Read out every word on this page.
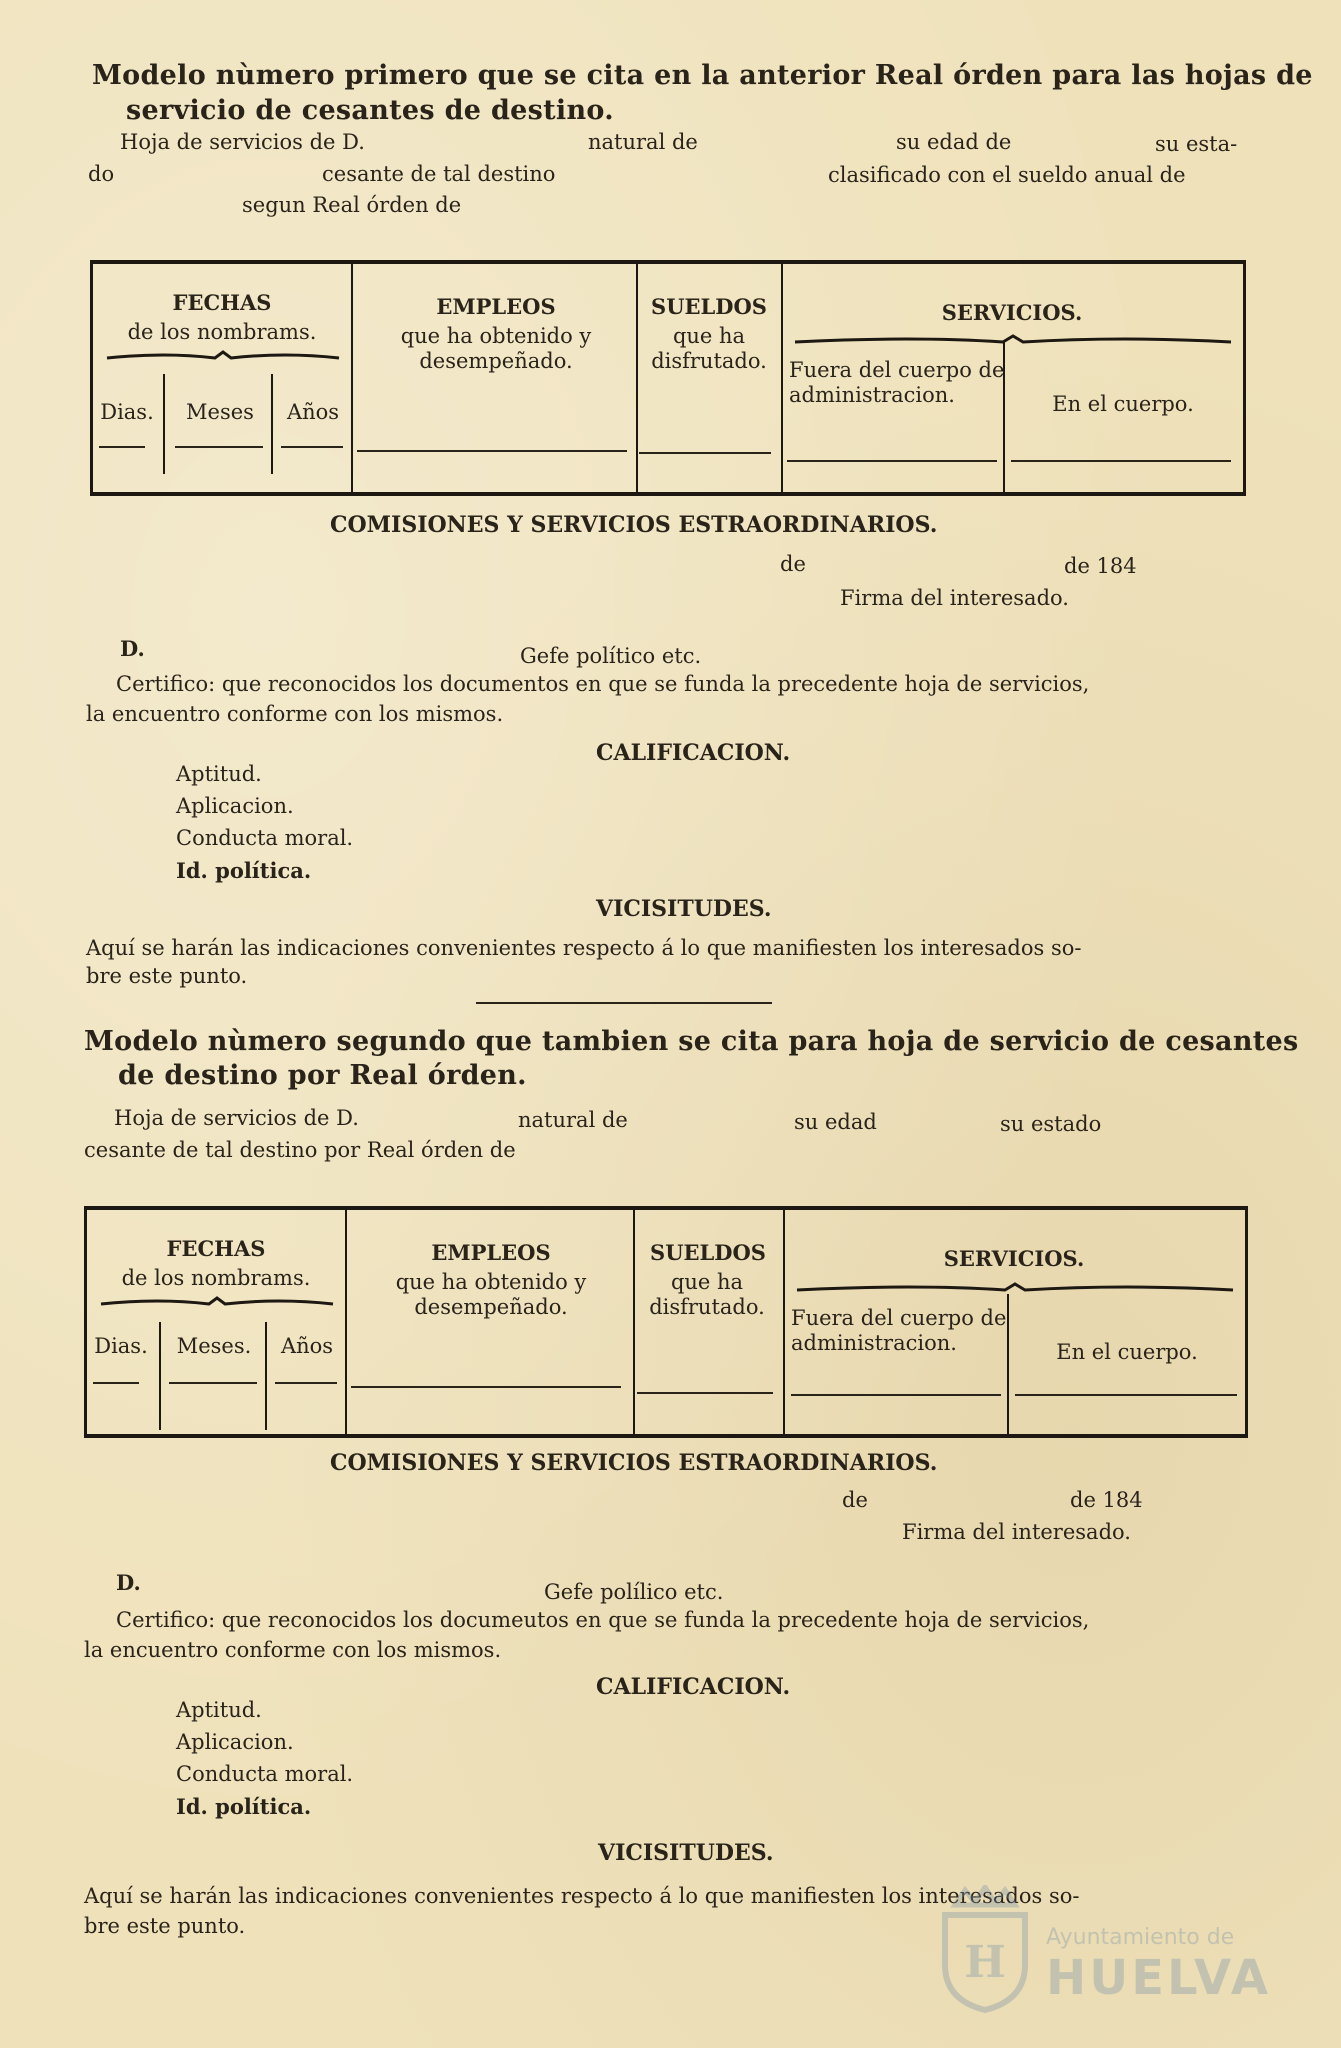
Modelo nùmero primero que se cita en la anterior Real órden para las hojas de
servicio de cesantes de destino.
Hoja de servicios de D.	natural de	su edad de	su esta-
do	cesante de tal destino	clasificado con el sueldo anual de
segun Real órden de
FECHAS
de los nombrams.
Dias.	Meses	Años
EMPLEOS
que ha obtenido y desempeñado.
SUELDOS
que ha disfrutado.
SERVICIOS.
Fuera del cuerpo de administracion.	En el cuerpo.
COMISIONES Y SERVICIOS ESTRAORDINARIOS.
de	de 184
Firma del interesado.
D.	Gefe político etc.
Certifico: que reconocidos los documentos en que se funda la precedente hoja de servicios,
la encuentro conforme con los mismos.
CALIFICACION.
Aptitud.
Aplicacion.
Conducta moral.
Id. política.
VICISITUDES.
Aquí se harán las indicaciones convenientes respecto á lo que manifiesten los interesados so-
bre este punto.
Modelo nùmero segundo que tambien se cita para hoja de servicio de cesantes
de destino por Real órden.
Hoja de servicios de D.	natural de	su edad	su estado
cesante de tal destino por Real órden de
FECHAS
de los nombrams.
Dias.	Meses.	Años
EMPLEOS
que ha obtenido y desempeñado.
SUELDOS
que ha disfrutado.
SERVICIOS.
Fuera del cuerpo de administracion.	En el cuerpo.
COMISIONES Y SERVICIOS ESTRAORDINARIOS.
de	de 184
Firma del interesado.
D.	Gefe polílico etc.
Certifico: que reconocidos los documeutos en que se funda la precedente hoja de servicios,
la encuentro conforme con los mismos.
CALIFICACION.
Aptitud.
Aplicacion.
Conducta moral.
Id. política.
VICISITUDES.
Aquí se harán las indicaciones convenientes respecto á lo que manifiesten los interesados so-
bre este punto.
H Ayuntamiento de
HUELVA
